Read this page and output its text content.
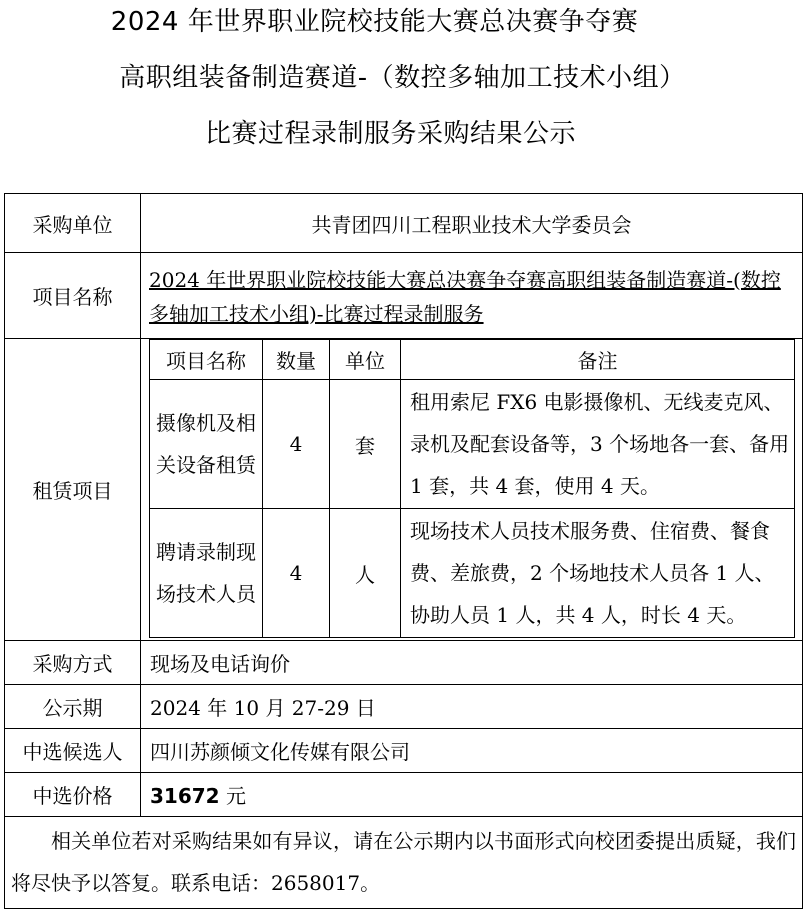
2024 年世界职业院校技能大赛总决赛争夺赛
高职组装备制造赛道-（数控多轴加工技术小组）
比赛过程录制服务采购结果公示
采购单位	共青团四川工程职业技术大学委员会
项目名称	2024 年世界职业院校技能大赛总决赛争夺赛高职组装备制造赛道-(数控多轴加工技术小组)-比赛过程录制服务
租赁项目	
项目名称	数量	单位	备注
摄像机及相关设备租赁	4	套	租用索尼 FX6 电影摄像机、无线麦克风、录机及配套设备等，3 个场地各一套、备用 1 套，共 4 套，使用 4 天。
聘请录制现场技术人员	4	人	现场技术人员技术服务费、住宿费、餐食费、差旅费，2 个场地技术人员各 1 人、协助人员 1 人，共 4 人，时长 4 天。

采购方式	现场及电话询价
公示期	2024 年 10 月 27-29 日
中选候选人	四川苏颜倾文化传媒有限公司
中选价格	31672 元
相关单位若对采购结果如有异议，请在公示期内以书面形式向校团委提出质疑，我们将尽快予以答复。联系电话：2658017。
